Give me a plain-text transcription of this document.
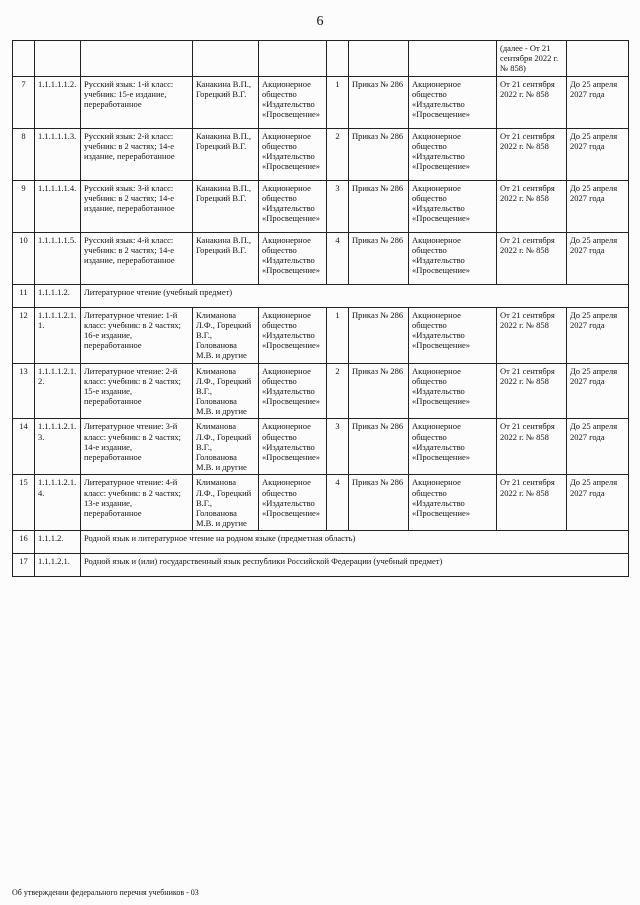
6
								(далее - От 21 сентября 2022 г. № 858)	
7	1.1.1.1.1.2.	Русский язык: 1-й класс: учебник: 15-е издание, переработанное	Канакина В.П., Горецкий В.Г.	Акционерное общество «Издательство «Просвещение»	1	Приказ № 286	Акционерное общество «Издательство «Просвещение»	От 21 сентября 2022 г. № 858	До 25 апреля 2027 года
8	1.1.1.1.1.3.	Русский язык: 2-й класс: учебник: в 2 частях; 14-е издание, переработанное	Канакина В.П., Горецкий В.Г.	Акционерное общество «Издательство «Просвещение»	2	Приказ № 286	Акционерное общество «Издательство «Просвещение»	От 21 сентября 2022 г. № 858	До 25 апреля 2027 года
9	1.1.1.1.1.4.	Русский язык: 3-й класс: учебник: в 2 частях; 14-е издание, переработанное	Канакина В.П., Горецкий В.Г.	Акционерное общество «Издательство «Просвещение»	3	Приказ № 286	Акционерное общество «Издательство «Просвещение»	От 21 сентября 2022 г. № 858	До 25 апреля 2027 года
10	1.1.1.1.1.5.	Русский язык: 4-й класс: учебник: в 2 частях; 14-е издание, переработанное	Канакина В.П., Горецкий В.Г.	Акционерное общество «Издательство «Просвещение»	4	Приказ № 286	Акционерное общество «Издательство «Просвещение»	От 21 сентября 2022 г. № 858	До 25 апреля 2027 года
11	1.1.1.1.2.	Литературное чтение (учебный предмет)							
12	1.1.1.1.2.1.1.	Литературное чтение: 1-й класс: учебник: в 2 частях; 16-е издание, переработанное	Климанова Л.Ф., Горецкий В.Г., Голованова М.В. и другие	Акционерное общество «Издательство «Просвещение»	1	Приказ № 286	Акционерное общество «Издательство «Просвещение»	От 21 сентября 2022 г. № 858	До 25 апреля 2027 года
13	1.1.1.1.2.1.2.	Литературное чтение: 2-й класс: учебник: в 2 частях; 15-е издание, переработанное	Климанова Л.Ф., Горецкий В.Г., Голованова М.В. и другие	Акционерное общество «Издательство «Просвещение»	2	Приказ № 286	Акционерное общество «Издательство «Просвещение»	От 21 сентября 2022 г. № 858	До 25 апреля 2027 года
14	1.1.1.1.2.1.3.	Литературное чтение: 3-й класс: учебник: в 2 частях; 14-е издание, переработанное	Климанова Л.Ф., Горецкий В.Г., Голованова М.В. и другие	Акционерное общество «Издательство «Просвещение»	3	Приказ № 286	Акционерное общество «Издательство «Просвещение»	От 21 сентября 2022 г. № 858	До 25 апреля 2027 года
15	1.1.1.1.2.1.4.	Литературное чтение: 4-й класс: учебник: в 2 частях; 13-е издание, переработанное	Климанова Л.Ф., Горецкий В.Г., Голованова М.В. и другие	Акционерное общество «Издательство «Просвещение»	4	Приказ № 286	Акционерное общество «Издательство «Просвещение»	От 21 сентября 2022 г. № 858	До 25 апреля 2027 года
16	1.1.1.2.	Родной язык и литературное чтение на родном языке (предметная область)							
17	1.1.1.2.1.	Родной язык и (или) государственный язык республики Российской Федерации (учебный предмет)							
Об утверждении федерального перечня учебников - 03
